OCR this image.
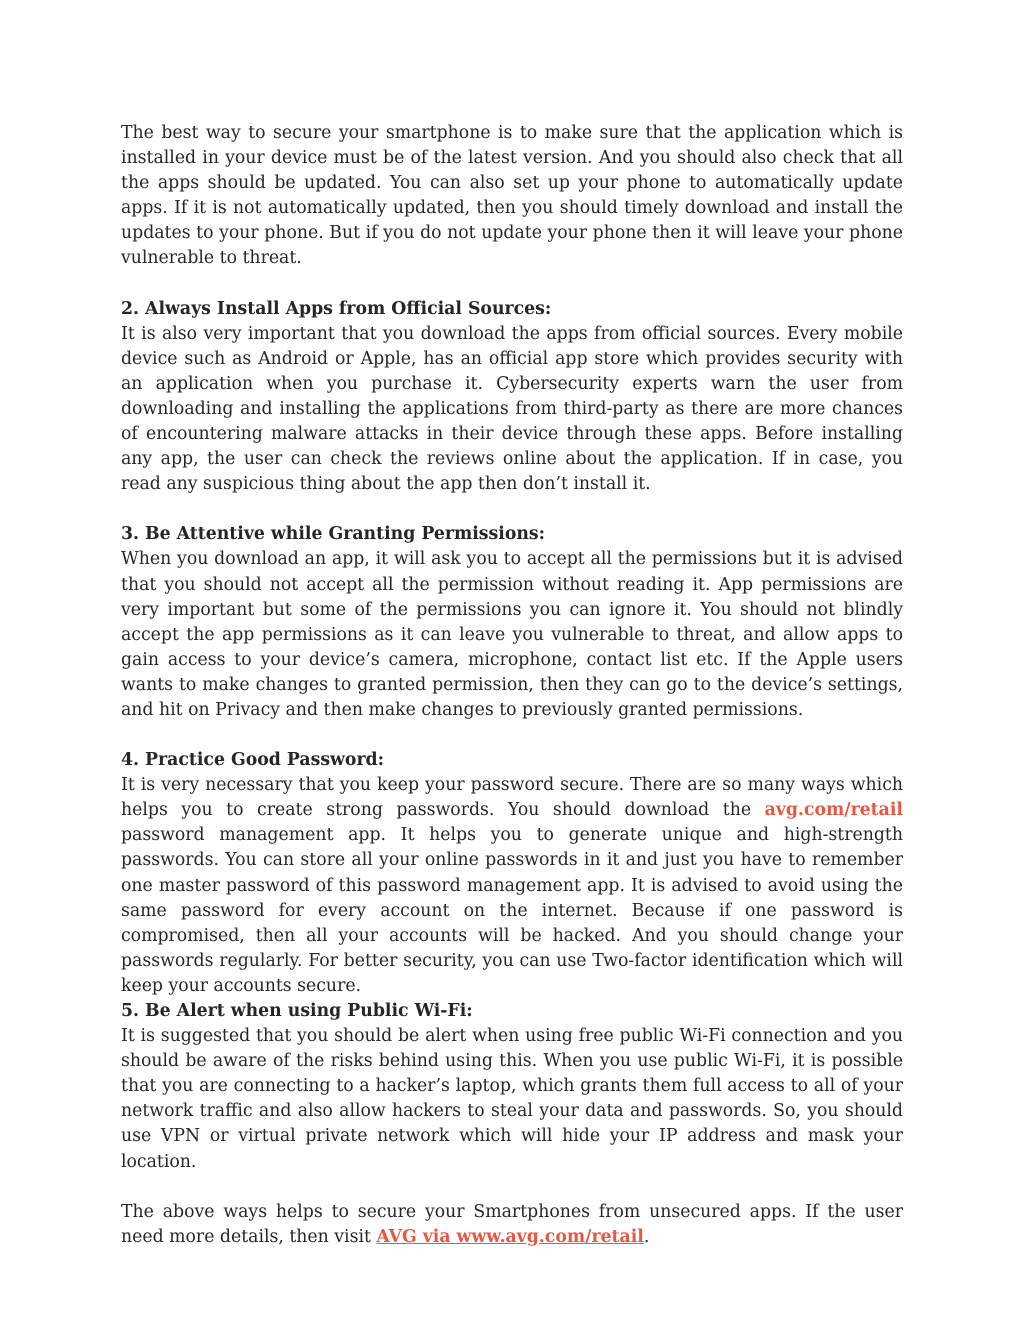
The best way to secure your smartphone is to make sure that the application which is installed in your device must be of the latest version. And you should also check that all the apps should be updated. You can also set up your phone to automatically update apps. If it is not automatically updated, then you should timely download and install the updates to your phone. But if you do not update your phone then it will leave your phone vulnerable to threat.

2. Always Install Apps from Official Sources:

It is also very important that you download the apps from official sources. Every mobile device such as Android or Apple, has an official app store which provides security with an application when you purchase it. Cybersecurity experts warn the user from downloading and installing the applications from third-party as there are more chances of encountering malware attacks in their device through these apps. Before installing any app, the user can check the reviews online about the application. If in case, you read any suspicious thing about the app then don’t install it.

3. Be Attentive while Granting Permissions:

When you download an app, it will ask you to accept all the permissions but it is advised that you should not accept all the permission without reading it. App permissions are very important but some of the permissions you can ignore it. You should not blindly accept the app permissions as it can leave you vulnerable to threat, and allow apps to gain access to your device’s camera, microphone, contact list etc. If the Apple users wants to make changes to granted permission, then they can go to the device’s settings, and hit on Privacy and then make changes to previously granted permissions.

4. Practice Good Password:

It is very necessary that you keep your password secure. There are so many ways which helps you to create strong passwords. You should download the avg.com/retail password management app. It helps you to generate unique and high-strength passwords. You can store all your online passwords in it and just you have to remember one master password of this password management app. It is advised to avoid using the same password for every account on the internet. Because if one password is compromised, then all your accounts will be hacked. And you should change your passwords regularly. For better security, you can use Two-factor identification which will keep your accounts secure.

5. Be Alert when using Public Wi-Fi:

It is suggested that you should be alert when using free public Wi-Fi connection and you should be aware of the risks behind using this. When you use public Wi-Fi, it is possible that you are connecting to a hacker’s laptop, which grants them full access to all of your network traffic and also allow hackers to steal your data and passwords. So, you should use VPN or virtual private network which will hide your IP address and mask your location.

The above ways helps to secure your Smartphones from unsecured apps. If the user need more details, then visit AVG via www.avg.com/retail.
